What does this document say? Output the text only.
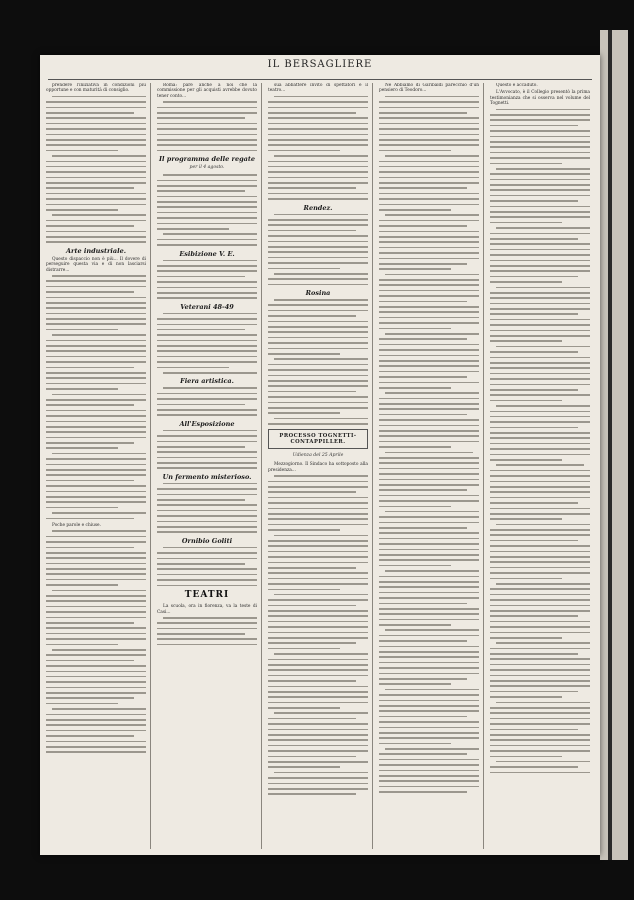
IL BERSAGLIERE

prendere l'iniziativa in condizioni più opportune e con maturità di consiglio.

Arte industriale.

Questo dispaccio non è più... Il dovere di perseguire questa via e di non lasciarsi distrarre...

Poche parole e chiuse.

Roma: pare anche a noi che la commissione per gli acquisti avrebbe dovuto tener conto...

Il programma delle regate
per il 4 agosto.
Esibizione V. E.
Veterani 48-49
Fiera artistica.
All'Esposizione
Un fermento misterioso.
Ornibio Goliti
TEATRI

La scuola, ora in fiorenza, va la teste di Casi...

sua abbattere invito di spettatori e il teatro...

Rendez.
Rosina
PROCESSO TOGNETTI-CONTAPPILLER.
Udienza del 25 Aprile

Mezzogiorno. Il Sindaco ha sottoposto alla presidenza...

Ne Abbiamo di Garibaldi parecchio d'un pensiero di Teodoro...

Questo è accaduto.

L'Avvocato, è il Collegio presentò la prima testimonianza che si osserva nel volume del Tognetti.
